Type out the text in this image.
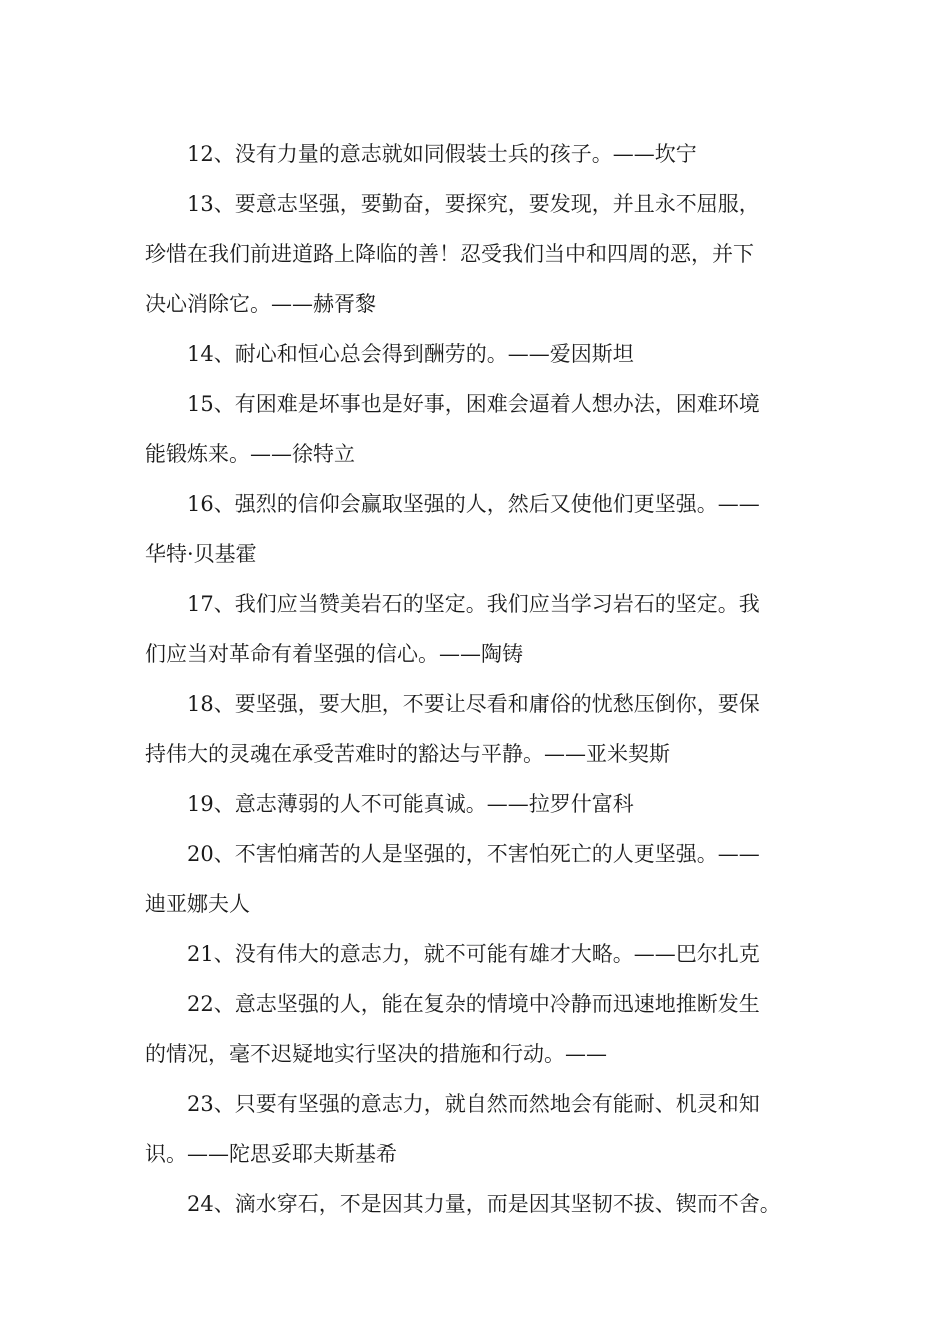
12、没有力量的意志就如同假装士兵的孩子。——坎宁

13、要意志坚强，要勤奋，要探究，要发现，并且永不屈服，
珍惜在我们前进道路上降临的善！忍受我们当中和四周的恶，并下
决心消除它。——赫胥黎

14、耐心和恒心总会得到酬劳的。——爱因斯坦

15、有困难是坏事也是好事，困难会逼着人想办法，困难环境
能锻炼来。——徐特立

16、强烈的信仰会赢取坚强的人，然后又使他们更坚强。——
华特·贝基霍

17、我们应当赞美岩石的坚定。我们应当学习岩石的坚定。我
们应当对革命有着坚强的信心。——陶铸

18、要坚强，要大胆，不要让尽看和庸俗的忧愁压倒你，要保
持伟大的灵魂在承受苦难时的豁达与平静。——亚米契斯

19、意志薄弱的人不可能真诚。——拉罗什富科

20、不害怕痛苦的人是坚强的，不害怕死亡的人更坚强。——
迪亚娜夫人

21、没有伟大的意志力，就不可能有雄才大略。——巴尔扎克

22、意志坚强的人，能在复杂的情境中冷静而迅速地推断发生
的情况，毫不迟疑地实行坚决的措施和行动。——

23、只要有坚强的意志力，就自然而然地会有能耐、机灵和知
识。——陀思妥耶夫斯基希

24、滴水穿石，不是因其力量，而是因其坚韧不拔、锲而不舍。
